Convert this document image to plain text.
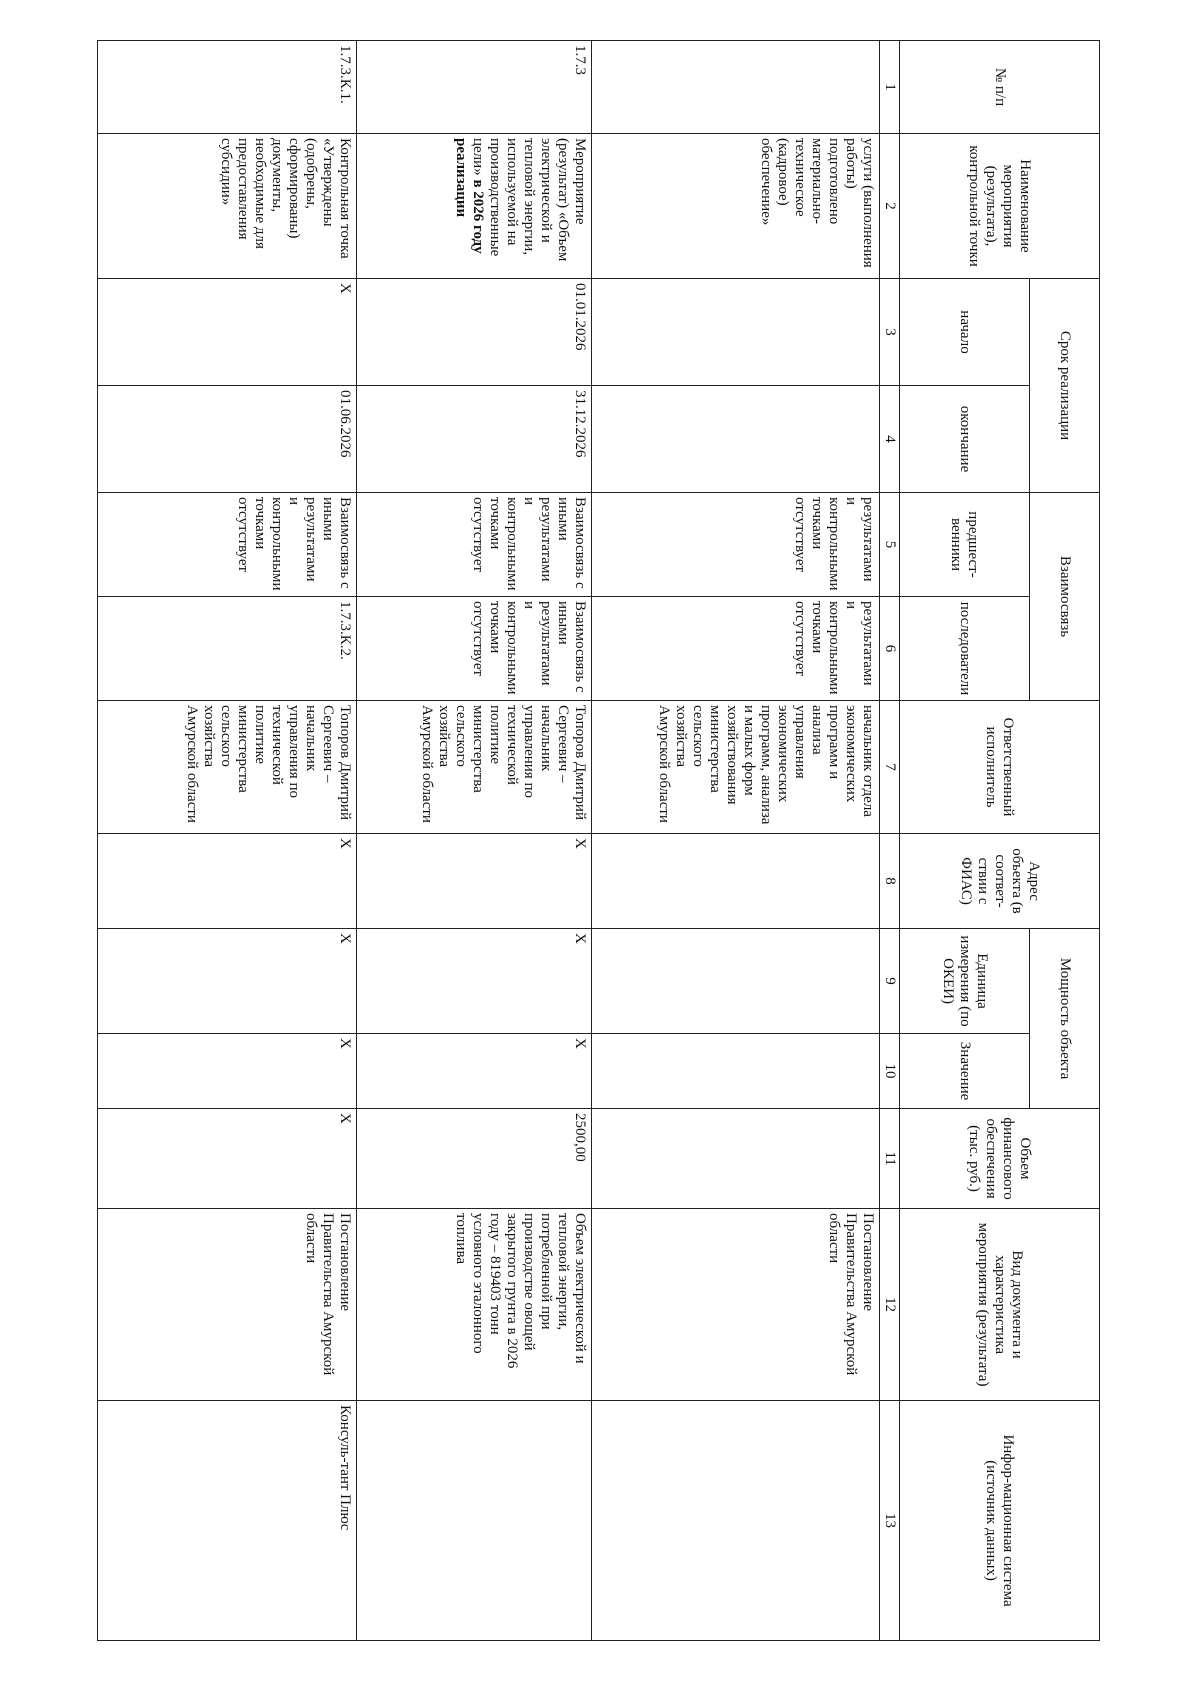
№ п/п	Наименование мероприятия (результата), контрольной точки	Срок реализации		Взаимосвязь		Ответственный исполнитель	Адрес объекта (в соответ-ствии с ФИАС)	Мощность объекта		Объем финансового обеспечения (тыс. руб.)	Вид документа и характеристика мероприятия (результата)	Инфор-мационная система (источник данных)
		начало	окончание	предшест-венники	последователи			Единица измерения (по ОКЕИ)	Значение			
1	2	3	4	5	6	7	8	9	10	11	12	13
	услуги (выполнения работы) подготовлено материально-техническое (кадровое) обеспечение»			результатами и контрольными точками отсутствует	результатами и контрольными точками отсутствует	начальник отдела экономических программ и анализа управления экономических программ, анализа и малых форм хозяйствования министерства сельского хозяйства Амурской области					Постановление Правительства Амурской области	
1.7.3	Мероприятие (результат) «Объем электрической и тепловой энергии, используемой на производственные цели» в 2026 году реализации	01.01.2026	31.12.2026	Взаимосвязь с иными результатами и контрольными точками отсутствует	Взаимосвязь с иными результатами и контрольными точками отсутствует	Топоров Дмитрий Сергеевич – начальник управления по технической политике министерства сельского хозяйства Амурской области	Х	Х	Х	2500,00	Объем электрической и тепловой энергии, потребленной при производстве овощей закрытого грунта в 2026 году – 819403 тонн условного эталонного топлива	
1.7.3.К.1.	Контрольная точка «Утверждены (одобрены, сформированы) документы, необходимые для предоставления субсидии»	Х	01.06.2026	Взаимосвязь с иными результатами и контрольными точками отсутствует	1.7.3.К.2.	Топоров Дмитрий Сергеевич – начальник управления по технической политике министерства сельского хозяйства Амурской области	Х	Х	Х	Х	Постановление Правительства Амурской области	Консуль-тант Плюс
